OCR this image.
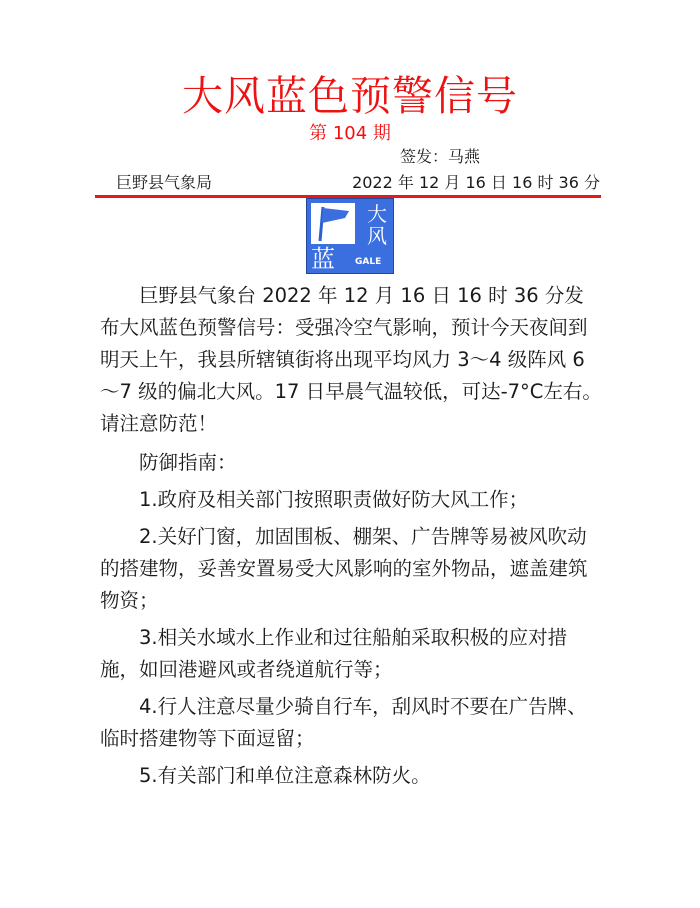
大风蓝色预警信号
第 104 期
签发：马燕
巨野县气象局	2022 年 12 月 16 日 16 时 36 分
大
风
蓝 GALE

巨野县气象台 2022 年 12 月 16 日 16 时 36 分发布大风蓝色预警信号：受强冷空气影响，预计今天夜间到明天上午，我县所辖镇街将出现平均风力 3～4 级阵风 6～7 级的偏北大风。17 日早晨气温较低，可达-7°C左右。请注意防范！

防御指南：

1.政府及相关部门按照职责做好防大风工作；

2.关好门窗，加固围板、棚架、广告牌等易被风吹动的搭建物，妥善安置易受大风影响的室外物品，遮盖建筑物资；

3.相关水域水上作业和过往船舶采取积极的应对措施，如回港避风或者绕道航行等；

4.行人注意尽量少骑自行车，刮风时不要在广告牌、临时搭建物等下面逗留；

5.有关部门和单位注意森林防火。
